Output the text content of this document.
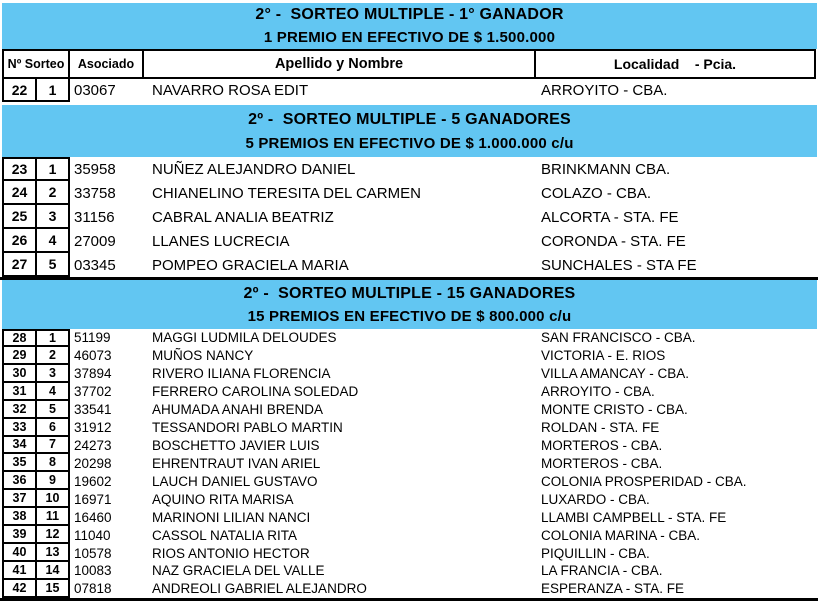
2° -  SORTEO MULTIPLE - 1° GANADOR
1 PREMIO EN EFECTIVO DE $ 1.500.000
Nº Sorteo	Asociado	Apellido y Nombre	Localidad    - Pcia.
22	1	03067	NAVARRO ROSA EDIT	ARROYITO - CBA.
2º -  SORTEO MULTIPLE - 5 GANADORES
5 PREMIOS EN EFECTIVO DE $ 1.000.000 c/u
23	1	35958	NUÑEZ ALEJANDRO DANIEL	BRINKMANN CBA.
24	2	33758	CHIANELINO TERESITA DEL CARMEN	COLAZO - CBA.
25	3	31156	CABRAL ANALIA BEATRIZ	ALCORTA - STA. FE
26	4	27009	LLANES LUCRECIA	CORONDA - STA. FE
27	5	03345	POMPEO GRACIELA MARIA	SUNCHALES - STA FE
2º -  SORTEO MULTIPLE - 15 GANADORES
15 PREMIOS EN EFECTIVO DE $ 800.000 c/u
28	1	51199	MAGGI LUDMILA DELOUDES	SAN FRANCISCO - CBA.
29	2	46073	MUÑOS NANCY	VICTORIA - E. RIOS
30	3	37894	RIVERO ILIANA FLORENCIA	VILLA AMANCAY - CBA.
31	4	37702	FERRERO CAROLINA SOLEDAD	ARROYITO - CBA.
32	5	33541	AHUMADA ANAHI BRENDA	MONTE CRISTO - CBA.
33	6	31912	TESSANDORI PABLO MARTIN	ROLDAN - STA. FE
34	7	24273	BOSCHETTO JAVIER LUIS	MORTEROS - CBA.
35	8	20298	EHRENTRAUT IVAN ARIEL	MORTEROS - CBA.
36	9	19602	LAUCH DANIEL GUSTAVO	COLONIA PROSPERIDAD - CBA.
37	10	16971	AQUINO RITA MARISA	LUXARDO - CBA.
38	11	16460	MARINONI LILIAN NANCI	LLAMBI CAMPBELL - STA. FE
39	12	11040	CASSOL NATALIA RITA	COLONIA MARINA - CBA.
40	13	10578	RIOS ANTONIO HECTOR	PIQUILLIN - CBA.
41	14	10083	NAZ GRACIELA DEL VALLE	LA FRANCIA - CBA.
42	15	07818	ANDREOLI GABRIEL ALEJANDRO	ESPERANZA - STA. FE
